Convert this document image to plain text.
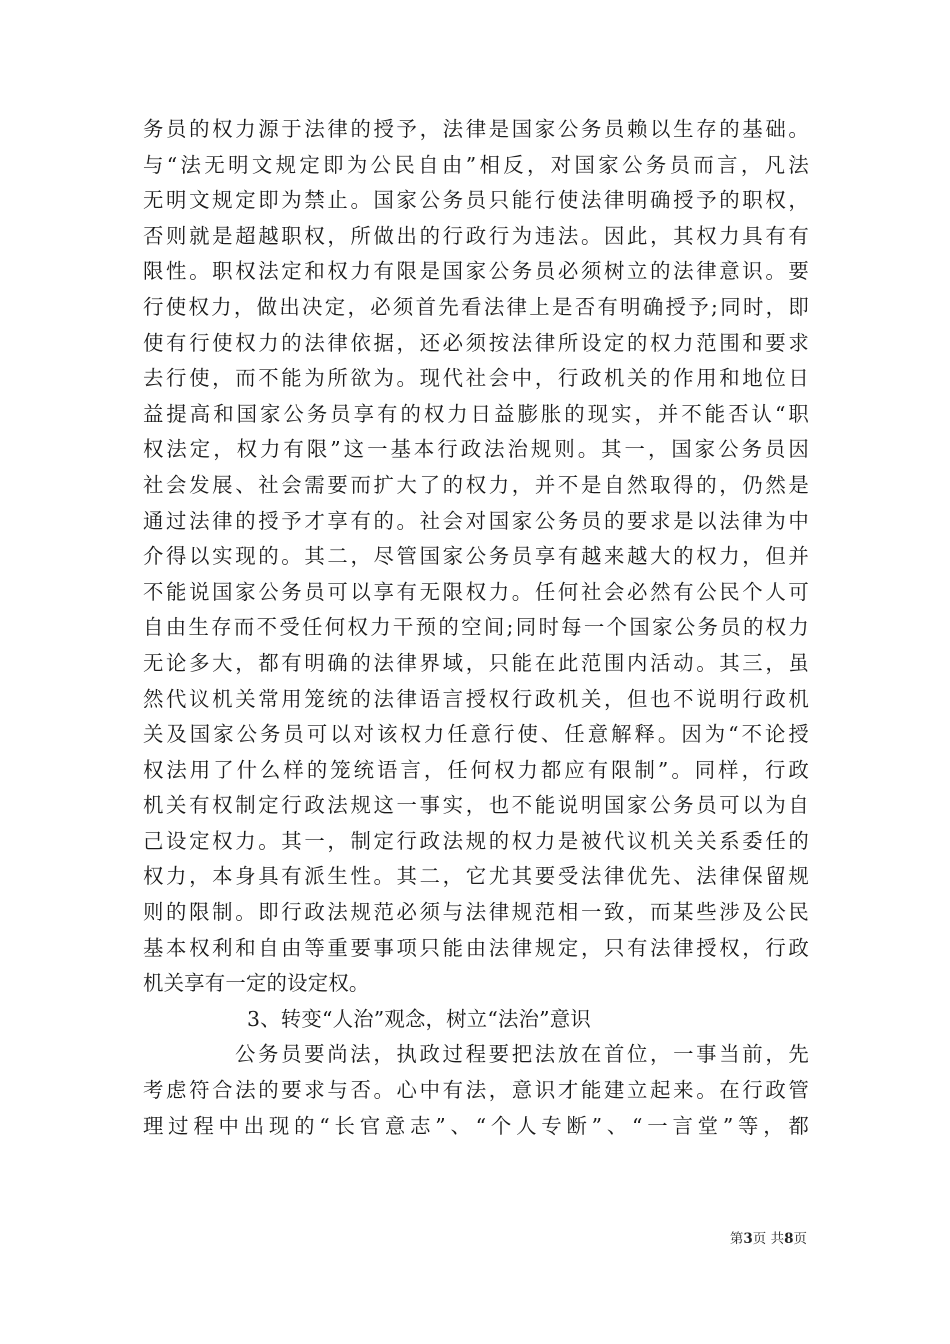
务员的权力源于法律的授予，法律是国家公务员赖以生存的基础。
与“法无明文规定即为公民自由”相反，对国家公务员而言，凡法
无明文规定即为禁止。国家公务员只能行使法律明确授予的职权，
否则就是超越职权，所做出的行政行为违法。因此，其权力具有有
限性。职权法定和权力有限是国家公务员必须树立的法律意识。要
行使权力，做出决定，必须首先看法律上是否有明确授予;同时，即
使有行使权力的法律依据，还必须按法律所设定的权力范围和要求
去行使，而不能为所欲为。现代社会中，行政机关的作用和地位日
益提高和国家公务员享有的权力日益膨胀的现实，并不能否认“职
权法定，权力有限”这一基本行政法治规则。其一，国家公务员因
社会发展、社会需要而扩大了的权力，并不是自然取得的，仍然是
通过法律的授予才享有的。社会对国家公务员的要求是以法律为中
介得以实现的。其二，尽管国家公务员享有越来越大的权力，但并
不能说国家公务员可以享有无限权力。任何社会必然有公民个人可
自由生存而不受任何权力干预的空间;同时每一个国家公务员的权力
无论多大，都有明确的法律界域，只能在此范围内活动。其三，虽
然代议机关常用笼统的法律语言授权行政机关，但也不说明行政机
关及国家公务员可以对该权力任意行使、任意解释。因为“不论授
权法用了什么样的笼统语言，任何权力都应有限制”。同样，行政
机关有权制定行政法规这一事实，也不能说明国家公务员可以为自
己设定权力。其一，制定行政法规的权力是被代议机关关系委任的
权力，本身具有派生性。其二，它尤其要受法律优先、法律保留规
则的限制。即行政法规范必须与法律规范相一致，而某些涉及公民
基本权利和自由等重要事项只能由法律规定，只有法律授权，行政
机关享有一定的设定权。
3、转变“人治”观念，树立“法治”意识
公务员要尚法，执政过程要把法放在首位，一事当前，先
考虑符合法的要求与否。心中有法，意识才能建立起来。在行政管
理过程中出现的“长官意志”、“个人专断”、“一言堂”等，都
第3页 共8页
